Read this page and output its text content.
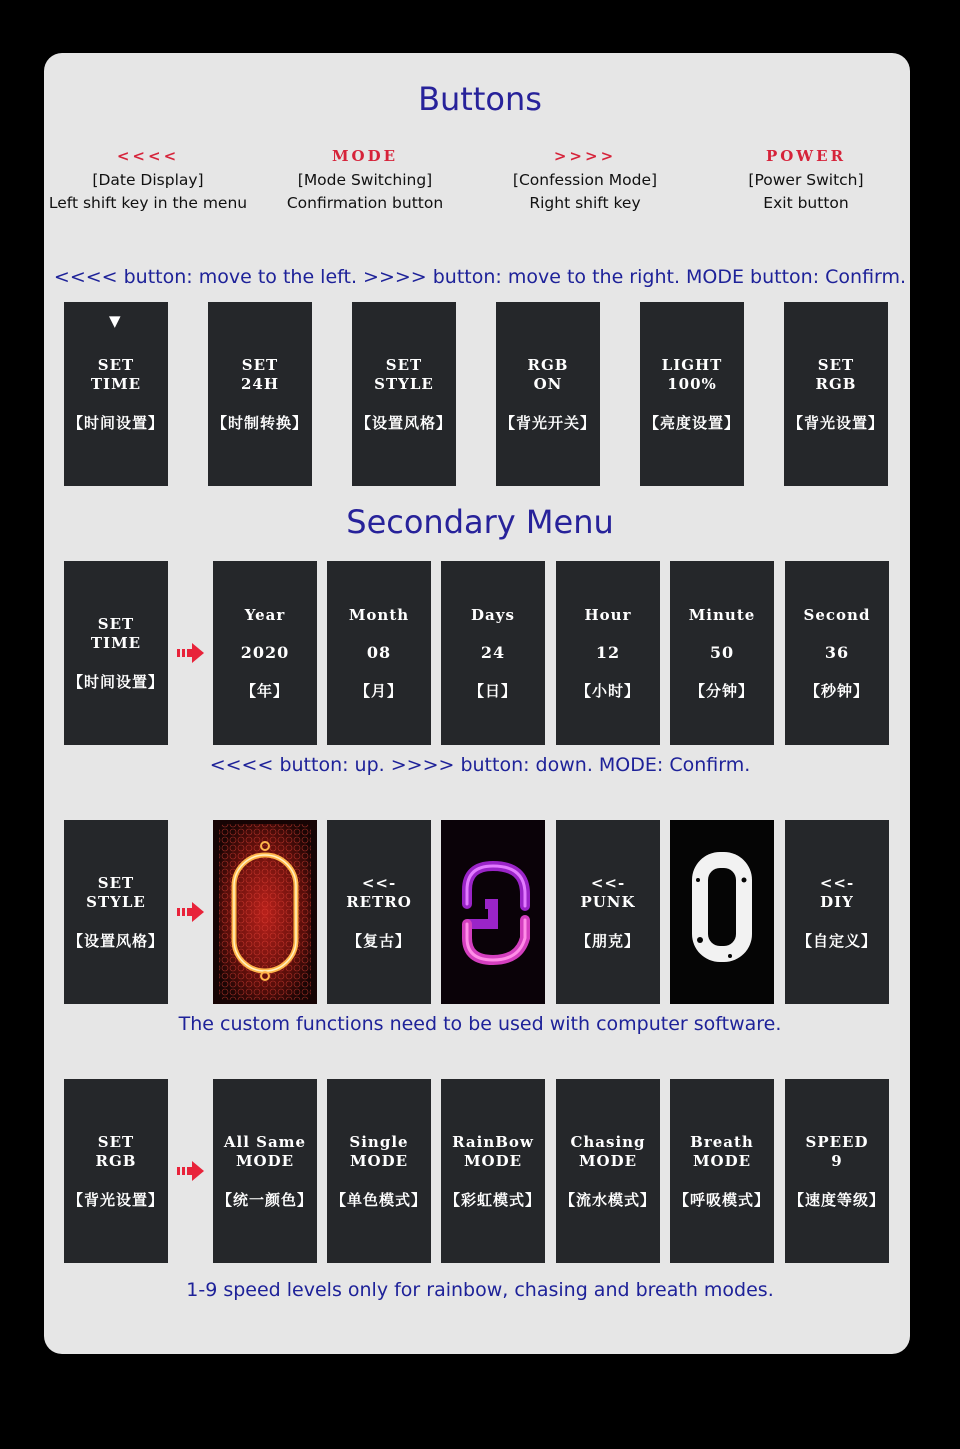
Buttons
<<<<
[Date Display]
Left shift key in the menu
MODE
[Mode Switching]
Confirmation button
>>>>
[Confession Mode]
Right shift key
POWER
[Power Switch]
Exit button
<<<< button: move to the left. >>>> button: move to the right. MODE button: Confirm.
▼
SET
TIME
【时间设置】
SET
24H
【时制转换】
SET
STYLE
【设置风格】
RGB
ON
【背光开关】
LIGHT
100%
【亮度设置】
SET
RGB
【背光设置】
Secondary Menu
SET
TIME
【时间设置】
Year
2020
【年】
Month
08
【月】
Days
24
【日】
Hour
12
【小时】
Minute
50
【分钟】
Second
36
【秒钟】
<<<< button: up. >>>> button: down. MODE: Confirm.
SET
STYLE
【设置风格】
<<-
RETRO
【复古】
<<-
PUNK
【朋克】
<<-
DIY
【自定义】
The custom functions need to be used with computer software.
SET
RGB
【背光设置】
All Same
MODE
【统一颜色】
Single
MODE
【单色模式】
RainBow
MODE
【彩虹模式】
Chasing
MODE
【流水模式】
Breath
MODE
【呼吸模式】
SPEED
9
【速度等级】
1-9 speed levels only for rainbow, chasing and breath modes.
